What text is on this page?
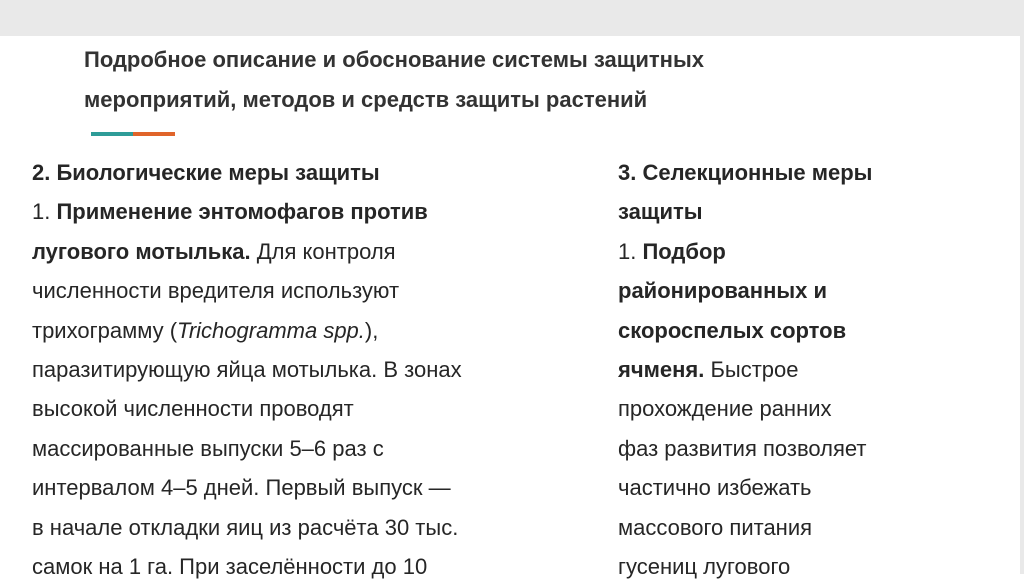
Подробное описание и обоснование системы защитных
мероприятий, методов и средств защиты растений
2. Биологические меры защиты
1. Применение энтомофагов против
лугового мотылька. Для контроля
численности вредителя используют
трихограмму (Trichogramma spp.),
паразитирующую яйца мотылька. В зонах
высокой численности проводят
массированные выпуски 5–6 раз с
интервалом 4–5 дней. Первый выпуск —
в начале откладки яиц из расчёта 30 тыс.
самок на 1 га. При заселённости до 10
3. Селекционные меры
защиты
1. Подбор
районированных и
скороспелых сортов
ячменя. Быстрое
прохождение ранних
фаз развития позволяет
частично избежать
массового питания
гусениц лугового
